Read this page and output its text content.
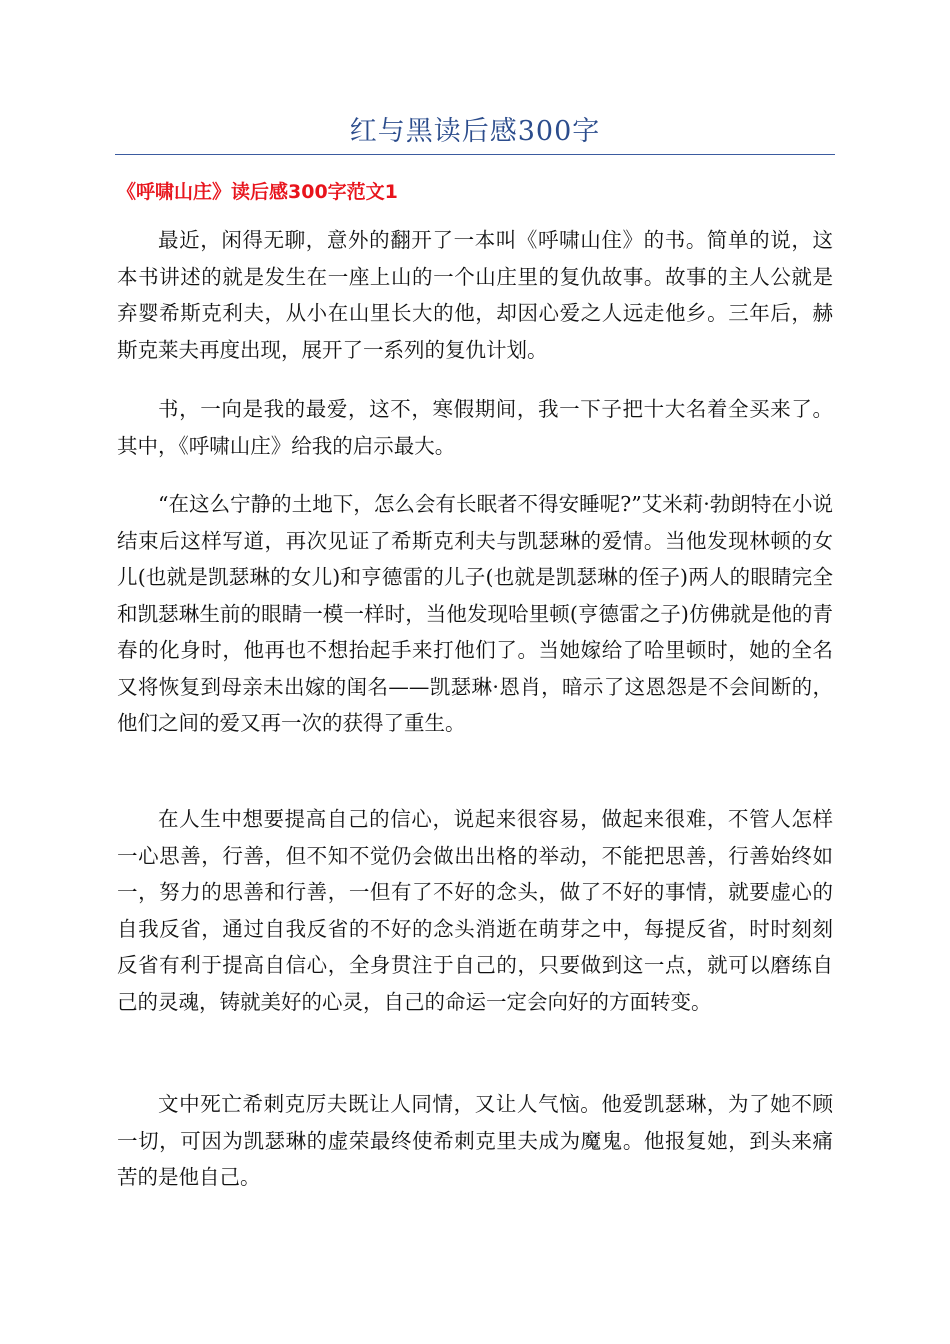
红与黑读后感300字
《呼啸山庄》读后感300字范文1

最近，闲得无聊，意外的翻开了一本叫《呼啸山住》的书。简单的说，这本书讲述的就是发生在一座上山的一个山庄里的复仇故事。故事的主人公就是弃婴希斯克利夫，从小在山里长大的他，却因心爱之人远走他乡。三年后，赫斯克莱夫再度出现，展开了一系列的复仇计划。

书，一向是我的最爱，这不，寒假期间，我一下子把十大名着全买来了。其中，《呼啸山庄》给我的启示最大。

“在这么宁静的土地下，怎么会有长眠者不得安睡呢?”艾米莉·勃朗特在小说结束后这样写道，再次见证了希斯克利夫与凯瑟琳的爱情。当他发现林顿的女儿(也就是凯瑟琳的女儿)和亨德雷的儿子(也就是凯瑟琳的侄子)两人的眼睛完全和凯瑟琳生前的眼睛一模一样时，当他发现哈里顿(亨德雷之子)仿佛就是他的青春的化身时，他再也不想抬起手来打他们了。当她嫁给了哈里顿时，她的全名又将恢复到母亲未出嫁的闺名——凯瑟琳·恩肖，暗示了这恩怨是不会间断的，他们之间的爱又再一次的获得了重生。

在人生中想要提高自己的信心，说起来很容易，做起来很难，不管人怎样一心思善，行善，但不知不觉仍会做出出格的举动，不能把思善，行善始终如一，努力的思善和行善，一但有了不好的念头，做了不好的事情，就要虚心的自我反省，通过自我反省的不好的念头消逝在萌芽之中，每提反省，时时刻刻反省有利于提高自信心，全身贯注于自己的，只要做到这一点，就可以磨练自己的灵魂，铸就美好的心灵，自己的命运一定会向好的方面转变。

文中死亡希刺克厉夫既让人同情，又让人气恼。他爱凯瑟琳，为了她不顾一切，可因为凯瑟琳的虚荣最终使希刺克里夫成为魔鬼。他报复她，到头来痛苦的是他自己。
